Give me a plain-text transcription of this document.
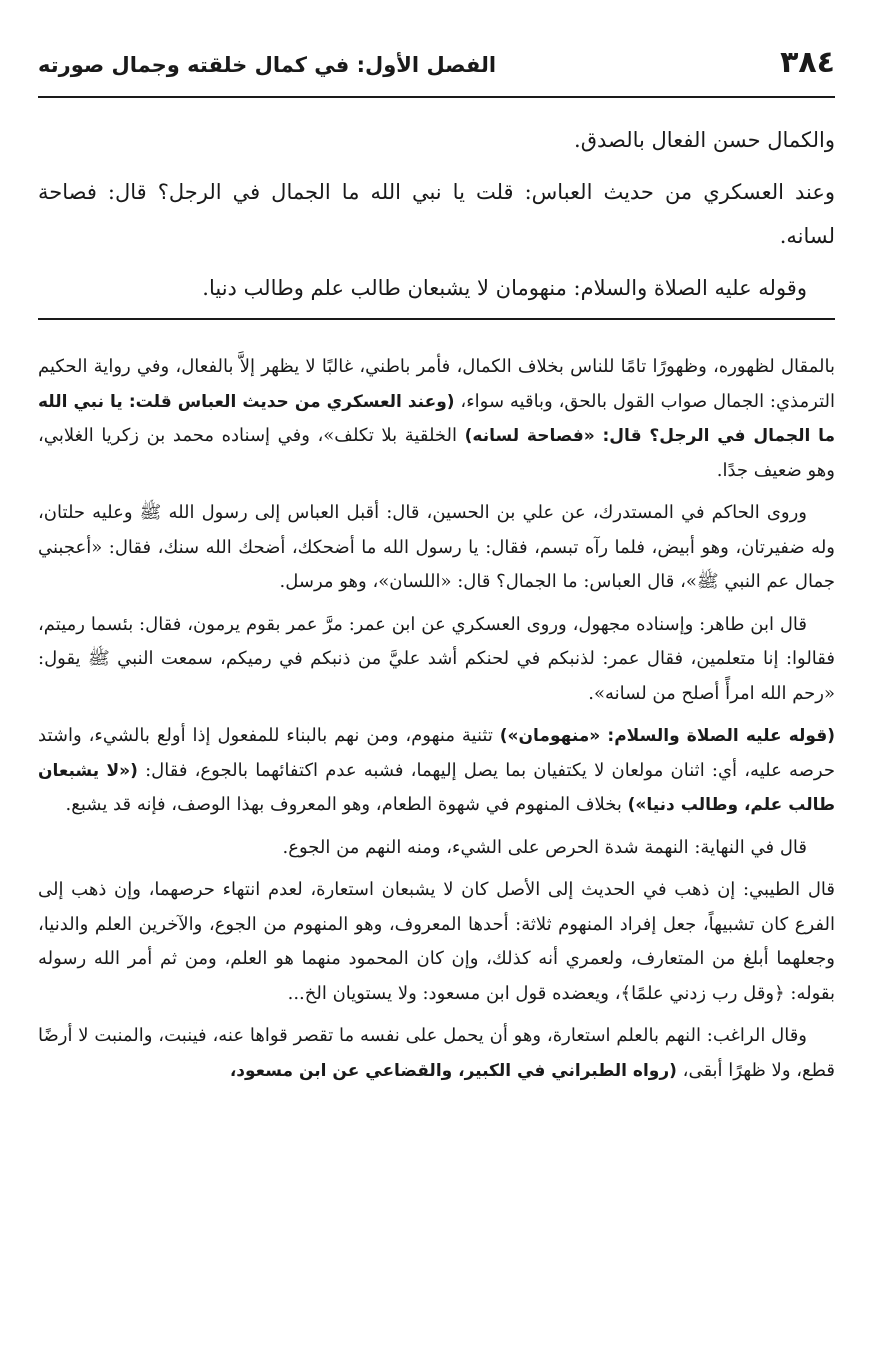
٣٨٤
الفصل الأول: في كمال خلقته وجمال صورته

والكمال حسن الفعال بالصدق.

وعند العسكري من حديث العباس: قلت يا نبي الله ما الجمال في الرجل؟ قال: فصاحة لسانه.

وقوله عليه الصلاة والسلام: منهومان لا يشبعان طالب علم وطالب دنيا.

بالمقال لظهوره، وظهورًا تامًا للناس بخلاف الكمال، فأمر باطني، غالبًا لا يظهر إلاَّ بالفعال، وفي رواية الحكيم الترمذي: الجمال صواب القول بالحق، وباقيه سواء، (وعند العسكري من حديث العباس قلت: يا نبي الله ما الجمال في الرجل؟ قال: «فصاحة لسانه) الخلقية بلا تكلف»، وفي إسناده محمد بن زكريا الغلابي، وهو ضعيف جدًا.

وروى الحاكم في المستدرك، عن علي بن الحسين، قال: أقبل العباس إلى رسول الله ﷺ وعليه حلتان، وله ضفيرتان، وهو أبيض، فلما رآه تبسم، فقال: يا رسول الله ما أضحكك، أضحك الله سنك، فقال: «أعجبني جمال عم النبي ﷺ»، قال العباس: ما الجمال؟ قال: «اللسان»، وهو مرسل.

قال ابن طاهر: وإسناده مجهول، وروى العسكري عن ابن عمر: مرَّ عمر بقوم يرمون، فقال: بئسما رميتم، فقالوا: إنا متعلمين، فقال عمر: لذنبكم في لحنكم أشد عليَّ من ذنبكم في رميكم، سمعت النبي ﷺ يقول: «رحم الله امرأً أصلح من لسانه».

(قوله عليه الصلاة والسلام: «منهومان») تثنية منهوم، ومن نهم بالبناء للمفعول إذا أولع بالشيء، واشتد حرصه عليه، أي: اثنان مولعان لا يكتفيان بما يصل إليهما، فشبه عدم اكتفائهما بالجوع، فقال: («لا يشبعان طالب علم، وطالب دنيا») بخلاف المنهوم في شهوة الطعام، وهو المعروف بهذا الوصف، فإنه قد يشبع.

قال في النهاية: النهمة شدة الحرص على الشيء، ومنه النهم من الجوع.

قال الطيبي: إن ذهب في الحديث إلى الأصل كان لا يشبعان استعارة، لعدم انتهاء حرصهما، وإن ذهب إلى الفرع كان تشبيهاً، جعل إفراد المنهوم ثلاثة: أحدها المعروف، وهو المنهوم من الجوع، والآخرين العلم والدنيا، وجعلهما أبلغ من المتعارف، ولعمري أنه كذلك، وإن كان المحمود منهما هو العلم، ومن ثم أمر الله رسوله بقوله: ﴿وقل رب زدني علمًا﴾، ويعضده قول ابن مسعود: ولا يستويان الخ...

وقال الراغب: النهم بالعلم استعارة، وهو أن يحمل على نفسه ما تقصر قواها عنه، فينبت، والمنبت لا أرضًا قطع، ولا ظهرًا أبقى، (رواه الطبراني في الكبير، والقضاعي عن ابن مسعود،
